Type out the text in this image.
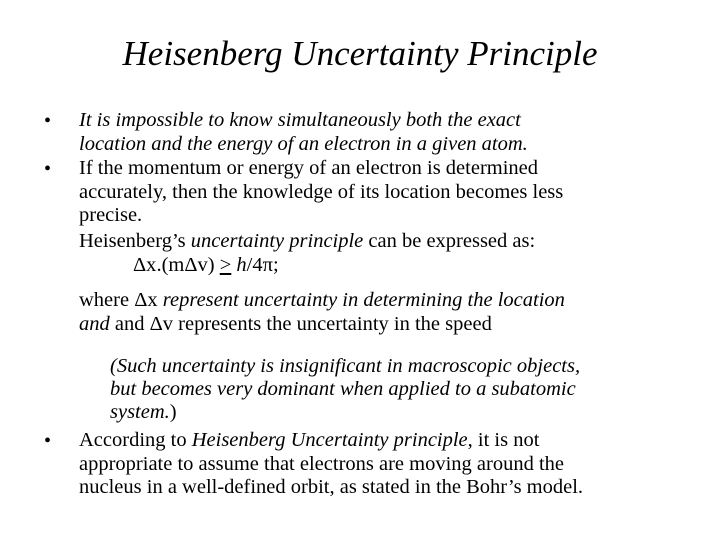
Heisenberg Uncertainty Principle
•
•
•
It is impossible to know simultaneously both the exact
location and the energy of an electron in a given atom.
If the momentum or energy of an electron is determined
accurately, then the knowledge of its location becomes less
precise.
Heisenberg’s uncertainty principle can be expressed as:
Δx.(mΔv) > h/4π;
where Δx represent uncertainty in determining the location
and and Δv represents the uncertainty in the speed
(Such uncertainty is insignificant in macroscopic objects,
but becomes very dominant when applied to a subatomic
system.)
According to Heisenberg Uncertainty principle, it is not
appropriate to assume that electrons are moving around the
nucleus in a well-defined orbit, as stated in the Bohr’s model.
